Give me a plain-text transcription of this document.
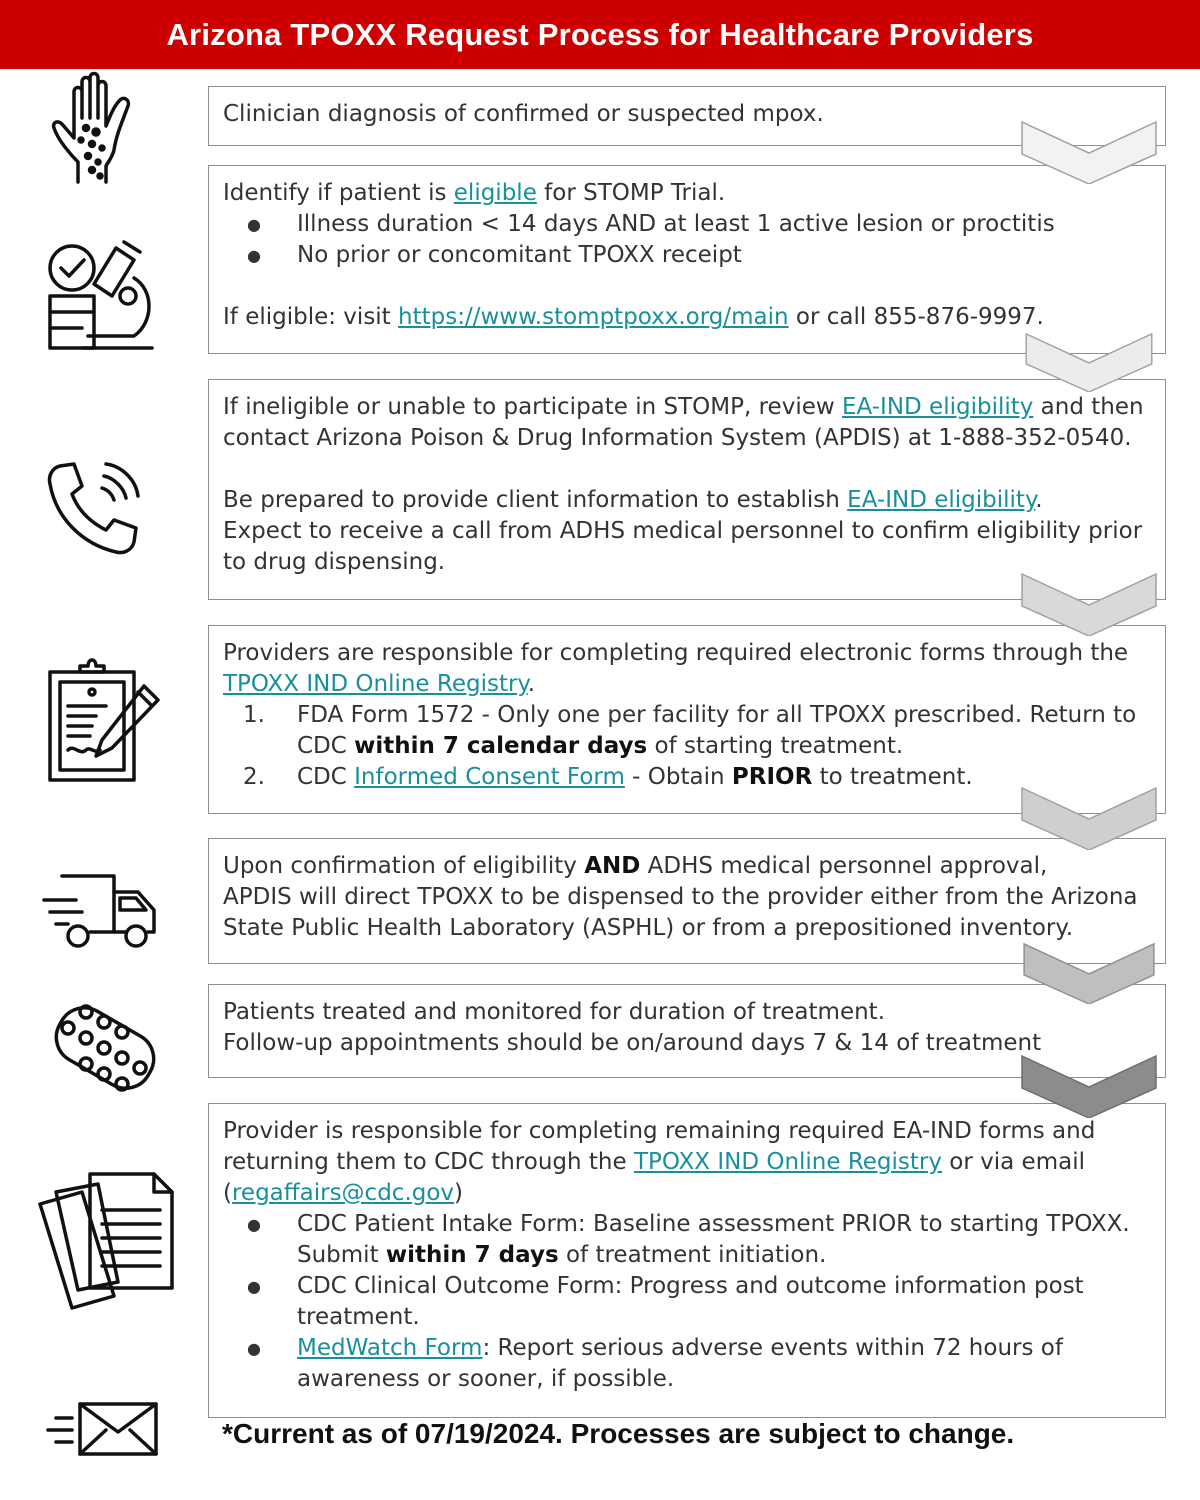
Arizona TPOXX Request Process for Healthcare Providers

Clinician diagnosis of confirmed or suspected mpox.

Identify if patient is eligible for STOMP Trial.

● Illness duration < 14 days AND at least 1 active lesion or proctitis
● No prior or concomitant TPOXX receipt

If eligible: visit https://www.stomptpoxx.org/main or call 855-876-9997.

If ineligible or unable to participate in STOMP, review EA-IND eligibility and then contact Arizona Poison & Drug Information System (APDIS) at 1-888-352-0540.

Be prepared to provide client information to establish EA-IND eligibility.

Expect to receive a call from ADHS medical personnel to confirm eligibility prior to drug dispensing.

Providers are responsible for completing required electronic forms through the TPOXX IND Online Registry.

1. FDA Form 1572 - Only one per facility for all TPOXX prescribed. Return to CDC within 7 calendar days of starting treatment.
2. CDC Informed Consent Form - Obtain PRIOR to treatment.

Upon confirmation of eligibility AND ADHS medical personnel approval,

APDIS will direct TPOXX to be dispensed to the provider either from the Arizona State Public Health Laboratory (ASPHL) or from a prepositioned inventory.

Patients treated and monitored for duration of treatment.

Follow-up appointments should be on/around days 7 & 14 of treatment

Provider is responsible for completing remaining required EA-IND forms and returning them to CDC through the TPOXX IND Online Registry or via email (regaffairs@cdc.gov)

● CDC Patient Intake Form: Baseline assessment PRIOR to starting TPOXX. Submit within 7 days of treatment initiation.
● CDC Clinical Outcome Form: Progress and outcome information post treatment.
● MedWatch Form: Report serious adverse events within 72 hours of awareness or sooner, if possible.
*Current as of 07/19/2024. Processes are subject to change.
